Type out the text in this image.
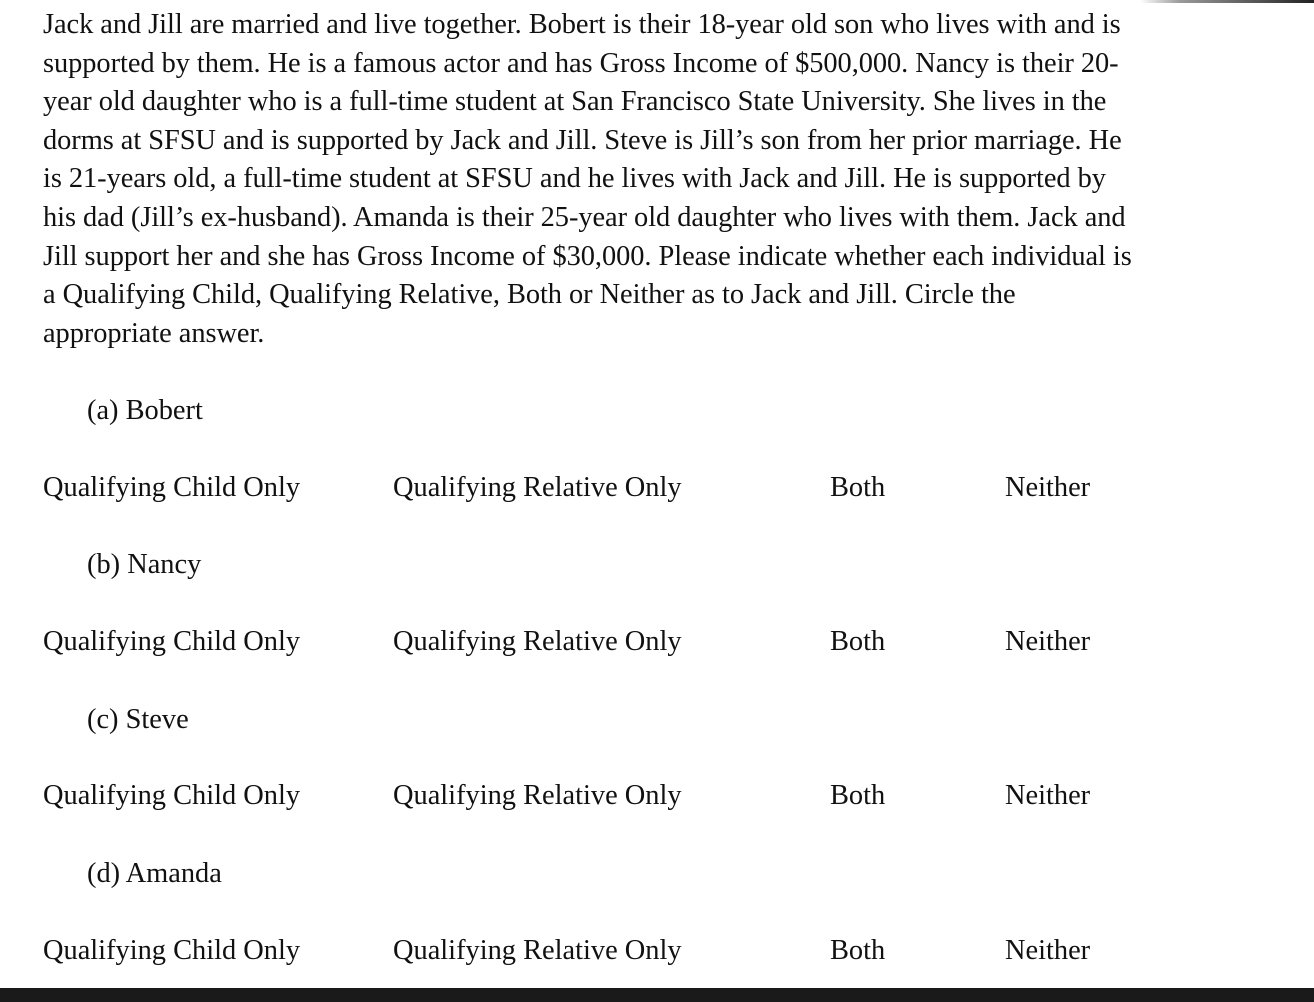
Jack and Jill are married and live together. Bobert is their 18-year old son who lives with and is
supported by them. He is a famous actor and has Gross Income of $500,000. Nancy is their 20-
year old daughter who is a full-time student at San Francisco State University. She lives in the
dorms at SFSU and is supported by Jack and Jill. Steve is Jill’s son from her prior marriage. He
is 21-years old, a full-time student at SFSU and he lives with Jack and Jill. He is supported by
his dad (Jill’s ex-husband). Amanda is their 25-year old daughter who lives with them. Jack and
Jill support her and she has Gross Income of $30,000. Please indicate whether each individual is
a Qualifying Child, Qualifying Relative, Both or Neither as to Jack and Jill. Circle the
appropriate answer.

(a) Bobert

Qualifying Child Only	Qualifying Relative Only	Both	Neither

(b) Nancy

Qualifying Child Only	Qualifying Relative Only	Both	Neither

(c) Steve

Qualifying Child Only	Qualifying Relative Only	Both	Neither

(d) Amanda

Qualifying Child Only	Qualifying Relative Only	Both	Neither
